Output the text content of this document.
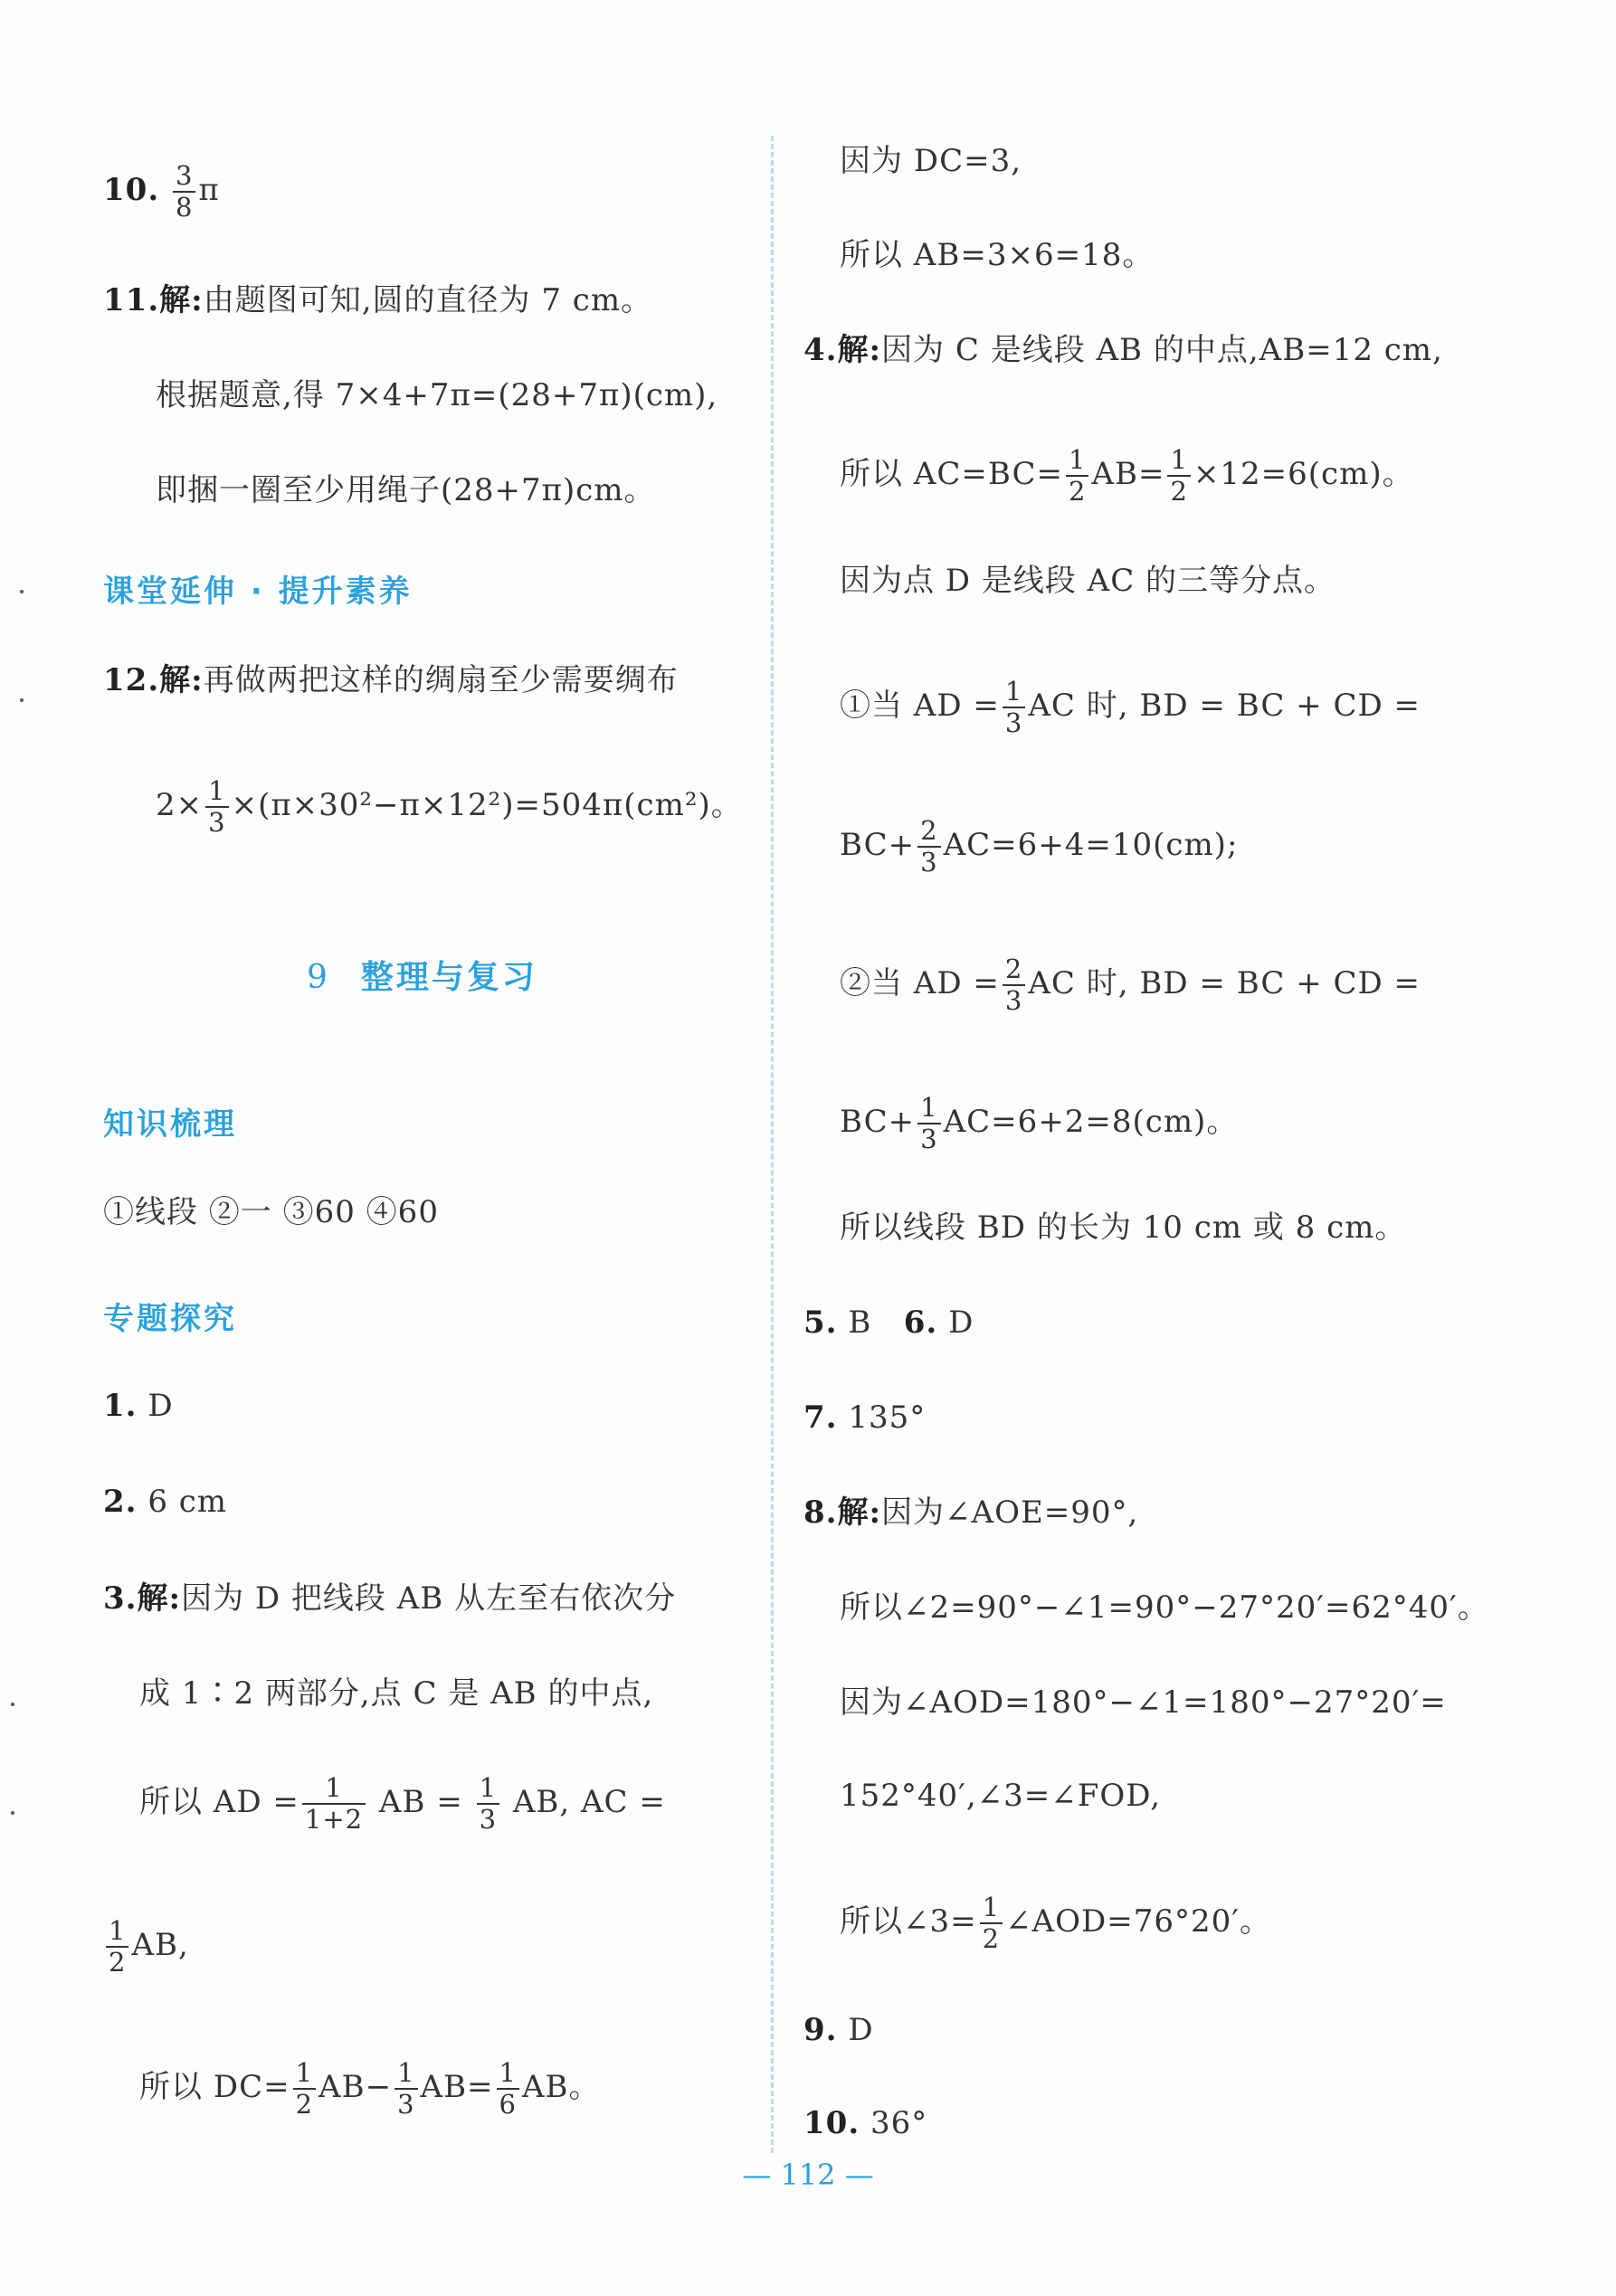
10. $\frac{3}{8}$ π
11.解:由题图可知,圆的直径为 7 cm。
根据题意,得 7×4+7π=(28+7π)(cm),
即捆一圈至少用绳子(28+7π)cm。
课堂延伸 · 提升素养
12.解:再做两把这样的绸扇至少需要绸布
$2\times \frac{1}{3} \times(\pi\times 30^2-\pi\times 12^2)=504\pi(cm^2)$。
9 整理与复习
知识梳理
①线段 ②一 ③60 ④60
专题探究
1. D
2. 6 cm
3.解:因为 D 把线段 AB 从左至右依次分
成 1∶2 两部分,点 C 是 AB 的中点,
所以 AD = $\frac{1}{1+2}$ AB = $\frac{1}{3}$ AB, AC =
$\frac{1}{2}$ AB,
所以 $DC= \frac{1}{2} AB- \frac{1}{3} AB= \frac{1}{6}$ AB。
因为 DC=3,
所以 AB=3×6=18。
4.解:因为 C 是线段 AB 的中点,AB=12 cm,
所以 $AC=BC= \frac{1}{2} AB= \frac{1}{2} \times 12=6(cm)$。
因为点 D 是线段 AC 的三等分点。
①当 AD = $\frac{1}{3}$ AC 时, BD = BC + CD =
$BC+ \frac{2}{3} AC=6+4=10(cm)$;
②当 AD = $\frac{2}{3}$ AC 时, BD = BC + CD =
$BC+ \frac{1}{3} AC=6+2=8(cm)$。
所以线段 BD 的长为 10 cm 或 8 cm。
5. B 6. D
7. 135°
8.解:因为∠AOE=90°,
所以∠2=90°−∠1=90°−27°20′=62°40′。
因为∠AOD=180°−∠1=180°−27°20′=
152°40′,∠3=∠FOD,
所以∠3= $\frac{1}{2}$ ∠AOD=76°20′。
9. D
10. 36°
— 112 —
